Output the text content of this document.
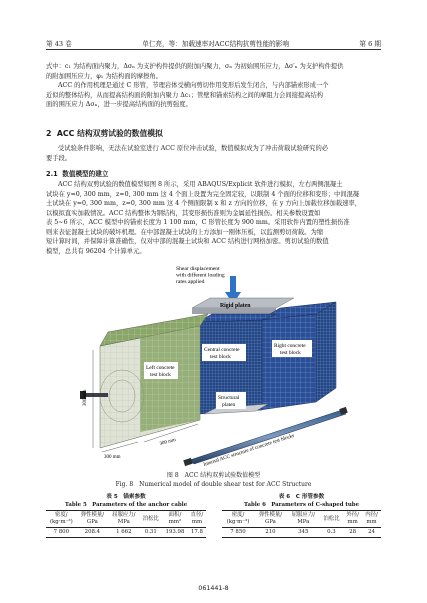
第 43 卷	单仁亮，等：加载速率对ACC结构抗剪性能的影响	第 6 期

式中：c₁ 为结构面内聚力，Δσₙ 为支护构件提供的附加内聚力，σₙ 为初始围压应力，Δσ′ₙ 为支护构件提供
的附加围压应力，φ₁ 为结构面的摩擦角。
ACC 的作用机理是通过 C 形管，节理岩体受横向剪切作用变形后发生闭合，与内部锚索形成一个
近似的整体结构，从而提高结构面的附加内聚力 Δc₁；管壁和锚索结构之间的摩阻力会间接提高结构
面的围压应力 Δσₙ，进一步提高结构面的抗剪强度。

2 ACC 结构双剪试验的数值模拟

受试验条件影响，无法在试验室进行 ACC 原位冲击试验，数值模拟成为了冲击荷载试验研究的必
要手段。

2.1 数值模型的建立

ACC 结构双剪试验的数值模型如图 8 所示，采用 ABAQUS/Explicit 软件进行模拟，左右两侧混凝土
试块在 y=0, 300 mm，z=0, 300 mm 这 4 个面上设置为完全固定较，以限制 4 个面的位移和变形；中间混凝
土试块在 y=0, 300 mm，z=0, 300 mm 这 4 个侧面限制 x 和 z 方向的位移，在 y 方向上加载位移加载速率，
以模拟直实加载情况。ACC 结构整体为钢结构，其变形损伤准则为金属延性损伤。相关参数设置如
表 5~6 所示，ACC 模型中的锚索长度为 1 100 mm，C 形管长度为 900 mm。采用软件内置的塑性损伤准
则来表征混凝土试块的破坏机理。在中部混凝土试块的上方添加一刚体压板，以监测剪切荷载。为缩
短计算时间，并保障计算准确性，仅对中部的混凝土试块和 ACC 结构进行网格加密。剪切试验的数值
模型，总共有 96204 个计算单元。

Shear displacement with different loading rates applied
Rigid platen
Right concrete test block
Central concrete test block
Structural platen
Left concrete test block
300 mm
300 mm
300 mm	Internal ACC structure of concrete test blocks
图 8　ACC 结构双剪试验数值模型
Fig. 8　Numerical model of double shear test for ACC Structure
表 5　锚索参数
Table 5　Parameters of the anchor cable
密度/
(kg·m⁻³)	弹性模量/
GPa	屈服应力/
MPa	泊松比	面积/
mm²	直径/
mm
7 800	208.4	1 662	0.31	193.98	17.8
表 6　C 形管参数
Table 6　Parameters of C-shaped tube
密度/
(kg·m⁻³)	弹性模量/
GPa	屈服应力/
MPa	泊松比	外径/
mm	内径/
mm
7 850	210	345	0.3	28	24
061441-8
